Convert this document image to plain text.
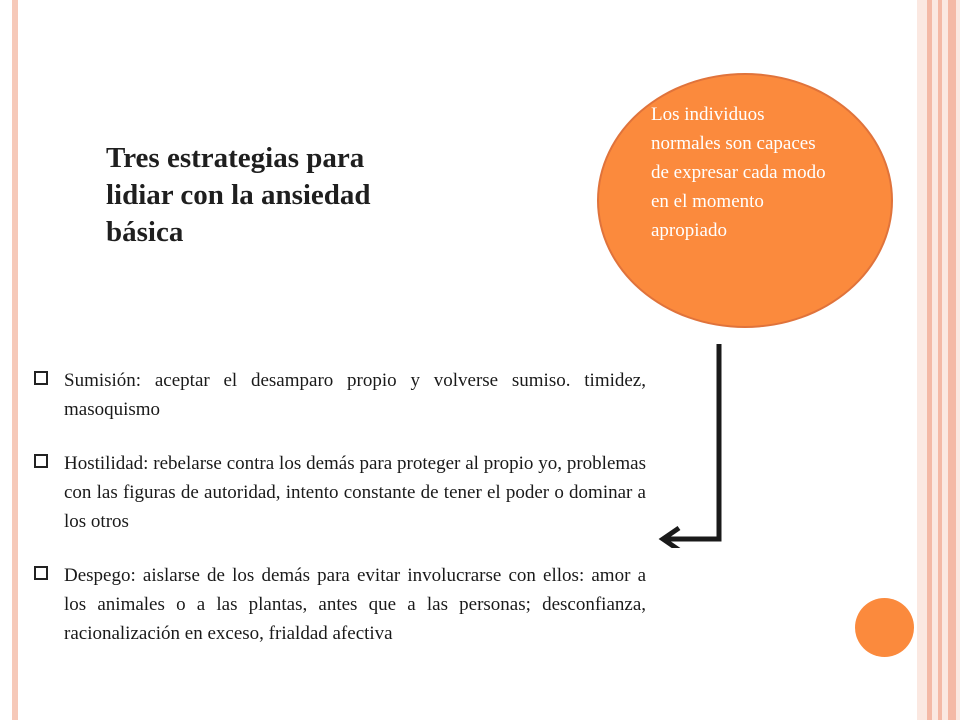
Tres estrategias para lidiar con la ansiedad básica
Los individuos normales son capaces de expresar cada modo en el momento apropiado
Sumisión: aceptar el desamparo propio y volverse sumiso. timidez, masoquismo
Hostilidad: rebelarse contra los demás para proteger al propio yo, problemas con las figuras de autoridad, intento constante de tener el poder o dominar a los otros
Despego: aislarse de los demás para evitar involucrarse con ellos: amor a los animales o a las plantas, antes que a las personas; desconfianza, racionalización en exceso, frialdad afectiva
